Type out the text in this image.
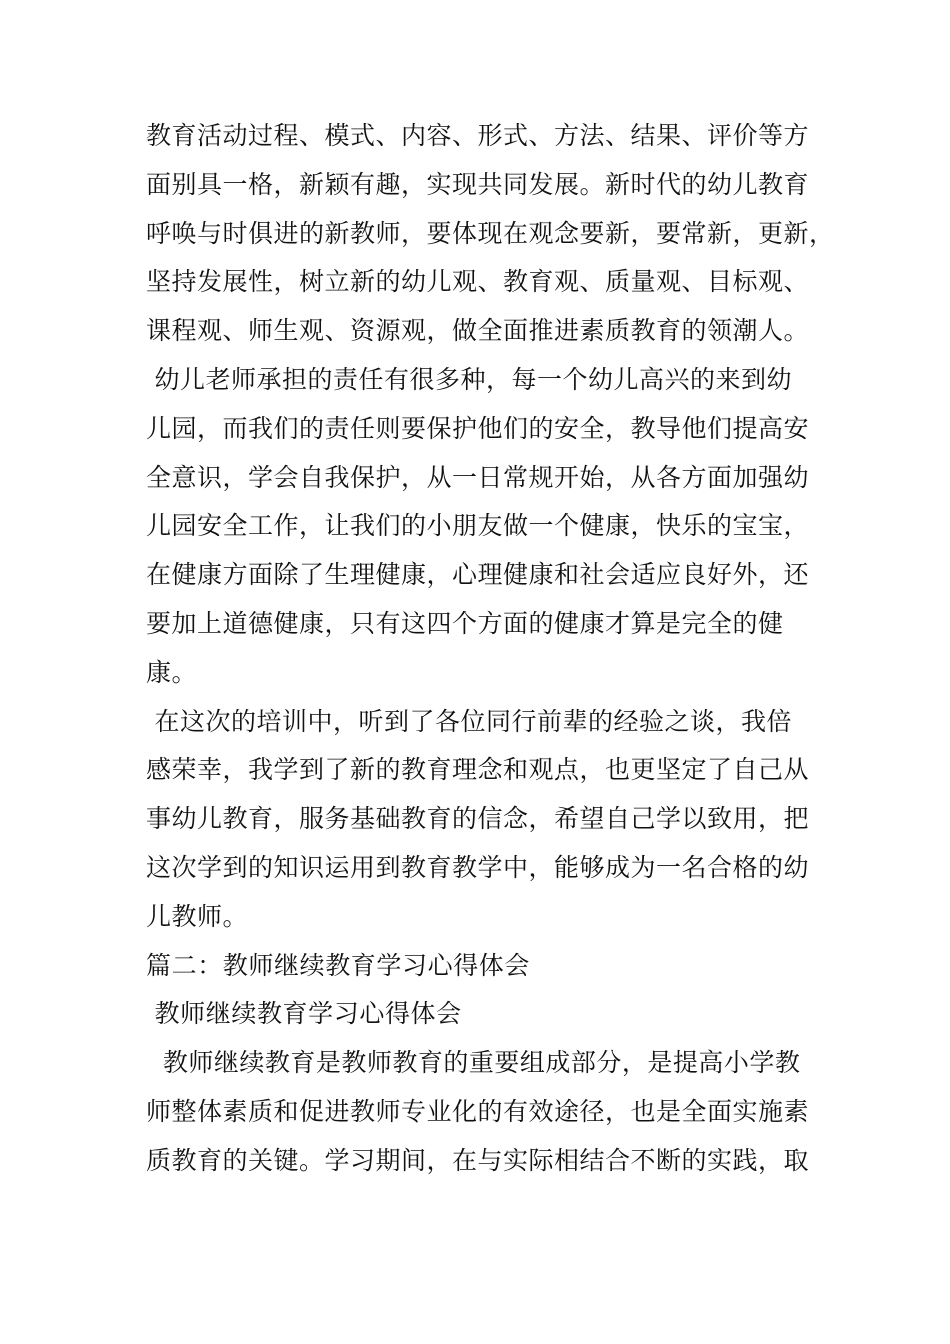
教育活动过程、模式、内容、形式、方法、结果、评价等方
面别具一格，新颖有趣，实现共同发展。新时代的幼儿教育
呼唤与时俱进的新教师，要体现在观念要新，要常新，更新，
坚持发展性，树立新的幼儿观、教育观、质量观、目标观、
课程观、师生观、资源观，做全面推进素质教育的领潮人。
幼儿老师承担的责任有很多种，每一个幼儿高兴的来到幼
儿园，而我们的责任则要保护他们的安全，教导他们提高安
全意识，学会自我保护，从一日常规开始，从各方面加强幼
儿园安全工作，让我们的小朋友做一个健康，快乐的宝宝，
在健康方面除了生理健康，心理健康和社会适应良好外，还
要加上道德健康，只有这四个方面的健康才算是完全的健
康。
在这次的培训中，听到了各位同行前辈的经验之谈，我倍
感荣幸，我学到了新的教育理念和观点，也更坚定了自己从
事幼儿教育，服务基础教育的信念，希望自己学以致用，把
这次学到的知识运用到教育教学中，能够成为一名合格的幼
儿教师。
篇二：教师继续教育学习心得体会
教师继续教育学习心得体会
教师继续教育是教师教育的重要组成部分，是提高小学教
师整体素质和促进教师专业化的有效途径，也是全面实施素
质教育的关键。学习期间，在与实际相结合不断的实践，取
